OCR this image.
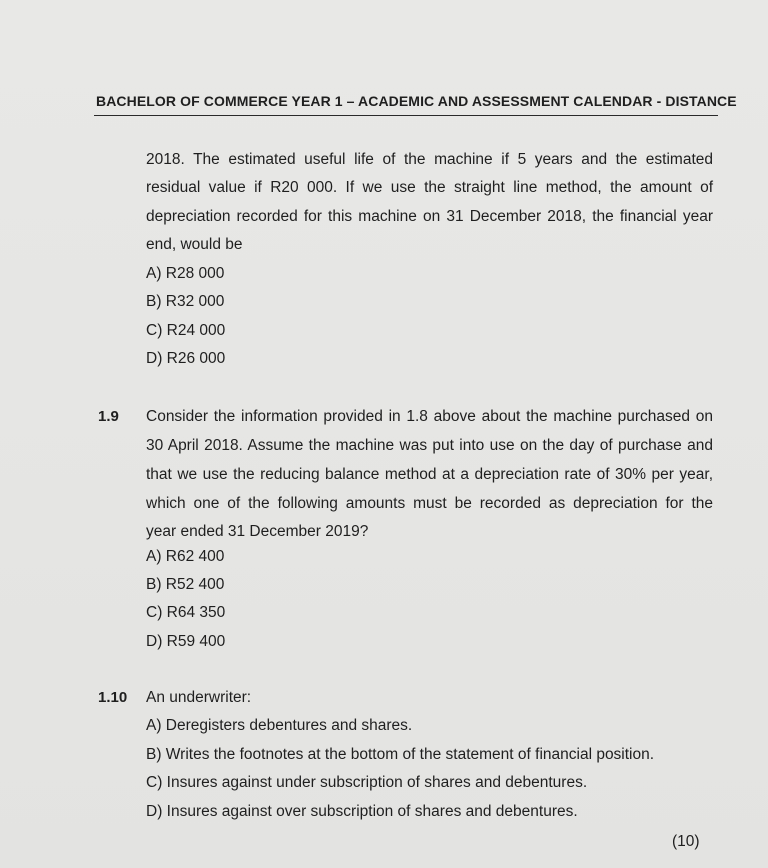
BACHELOR OF COMMERCE YEAR 1 – ACADEMIC AND ASSESSMENT CALENDAR - DISTANCE
2018. The estimated useful life of the machine if 5 years and the estimated
residual value if R20 000. If we use the straight line method, the amount of
depreciation recorded for this machine on 31 December 2018, the financial year
end, would be
A) R28 000
B) R32 000
C) R24 000
D) R26 000
1.9 Consider the information provided in 1.8 above about the machine purchased on
30 April 2018. Assume the machine was put into use on the day of purchase and
that we use the reducing balance method at a depreciation rate of 30% per year,
which one of the following amounts must be recorded as depreciation for the
year ended 31 December 2019?
A) R62 400
B) R52 400
C) R64 350
D) R59 400
1.10 An underwriter:
A) Deregisters debentures and shares.
B) Writes the footnotes at the bottom of the statement of financial position.
C) Insures against under subscription of shares and debentures.
D) Insures against over subscription of shares and debentures.
(10)
